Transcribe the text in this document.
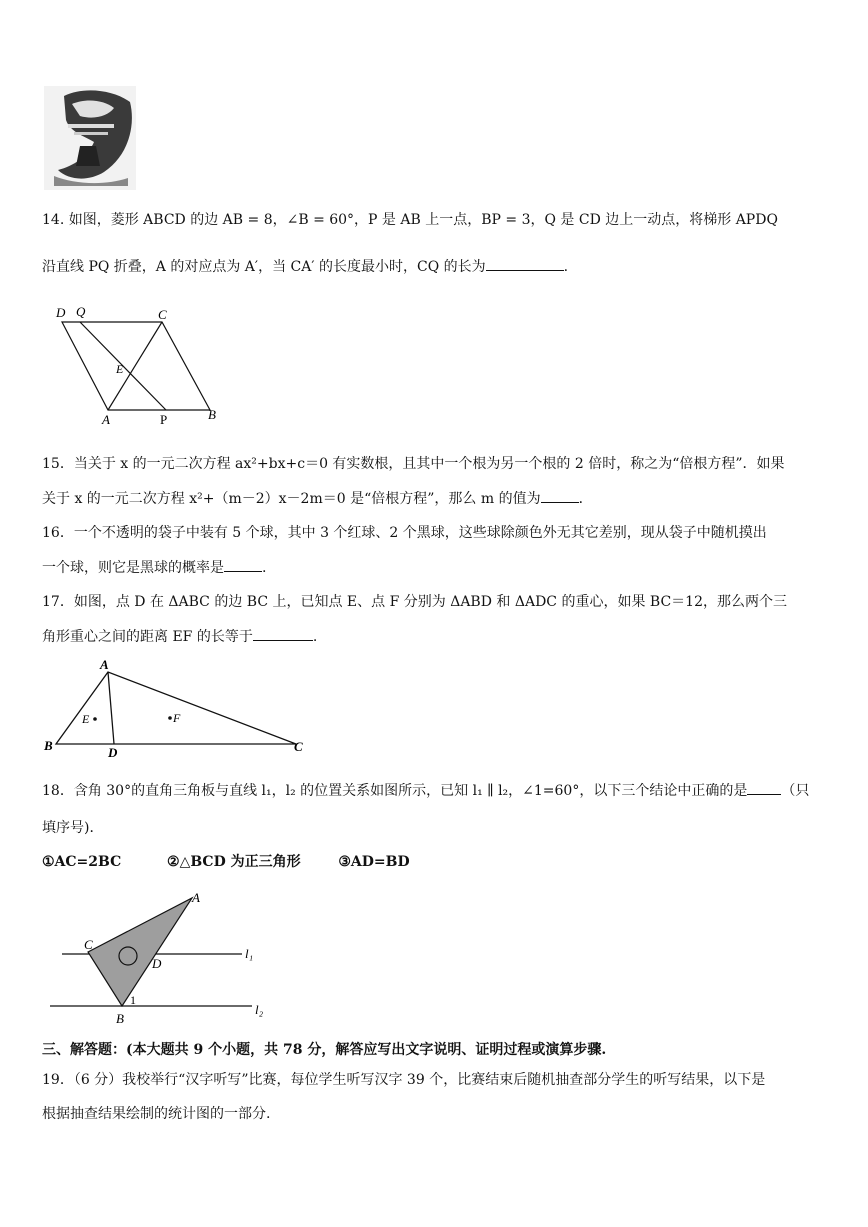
14. 如图，菱形 ABCD 的边 AB = 8，∠B = 60°，P 是 AB 上一点，BP = 3，Q 是 CD 边上一动点，将梯形 APDQ
沿直线 PQ 折叠，A 的对应点为 A′，当 CA′ 的长度最小时，CQ 的长为	.
D Q	C
E
A	P	B
15．当关于 x 的一元二次方程 ax²+bx+c＝0 有实数根，且其中一个根为另一个根的 2 倍时，称之为“倍根方程”．如果
关于 x 的一元二次方程 x²+（m－2）x－2m＝0 是“倍根方程”，那么 m 的值为	．
16．一个不透明的袋子中装有 5 个球，其中 3 个红球、2 个黑球，这些球除颜色外无其它差别，现从袋子中随机摸出
一个球，则它是黑球的概率是	.
17．如图，点 D 在 ΔABC 的边 BC 上，已知点 E、点 F 分别为 ΔABD 和 ΔADC 的重心，如果 BC＝12，那么两个三
角形重心之间的距离 EF 的长等于	.
A
B	D	C
E	F
18．含角 30°的直角三角板与直线 l₁，l₂ 的位置关系如图所示，已知 l₁ ∥ l₂，∠1=60°，以下三个结论中正确的是 （只
填序号)．
①AC=2BC	②△BCD 为正三角形	③AD=BD
A
C
D
B
1
l₁
l₂
三、解答题：(本大题共 9 个小题，共 78 分，解答应写出文字说明、证明过程或演算步骤.
19．（6 分）我校举行“汉字听写”比赛，每位学生听写汉字 39 个，比赛结束后随机抽查部分学生的听写结果，以下是
根据抽查结果绘制的统计图的一部分.
